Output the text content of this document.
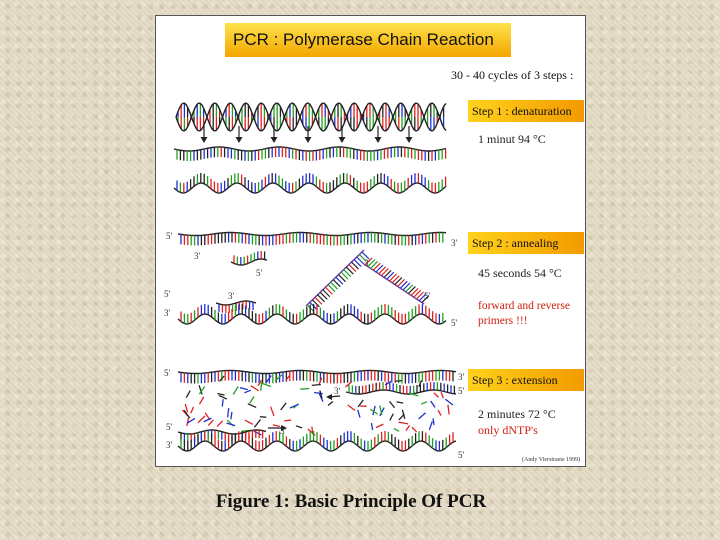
5'
3'
3'
5'
3'
5'
5'	3'
3'
5'
5'	3'
5'
3'
5'	3'
3'
5'
PCR : Polymerase Chain Reaction
30 - 40 cycles of 3 steps :
Step 1 : denaturation
1 minut 94 °C
Step 2 : annealing
45 seconds 54 °C
forward and reverse
primers !!!
Step 3 : extension
2 minutes 72 °C
only dNTP's
(Andy Vierstraete 1999)
Figure 1: Basic Principle Of PCR
